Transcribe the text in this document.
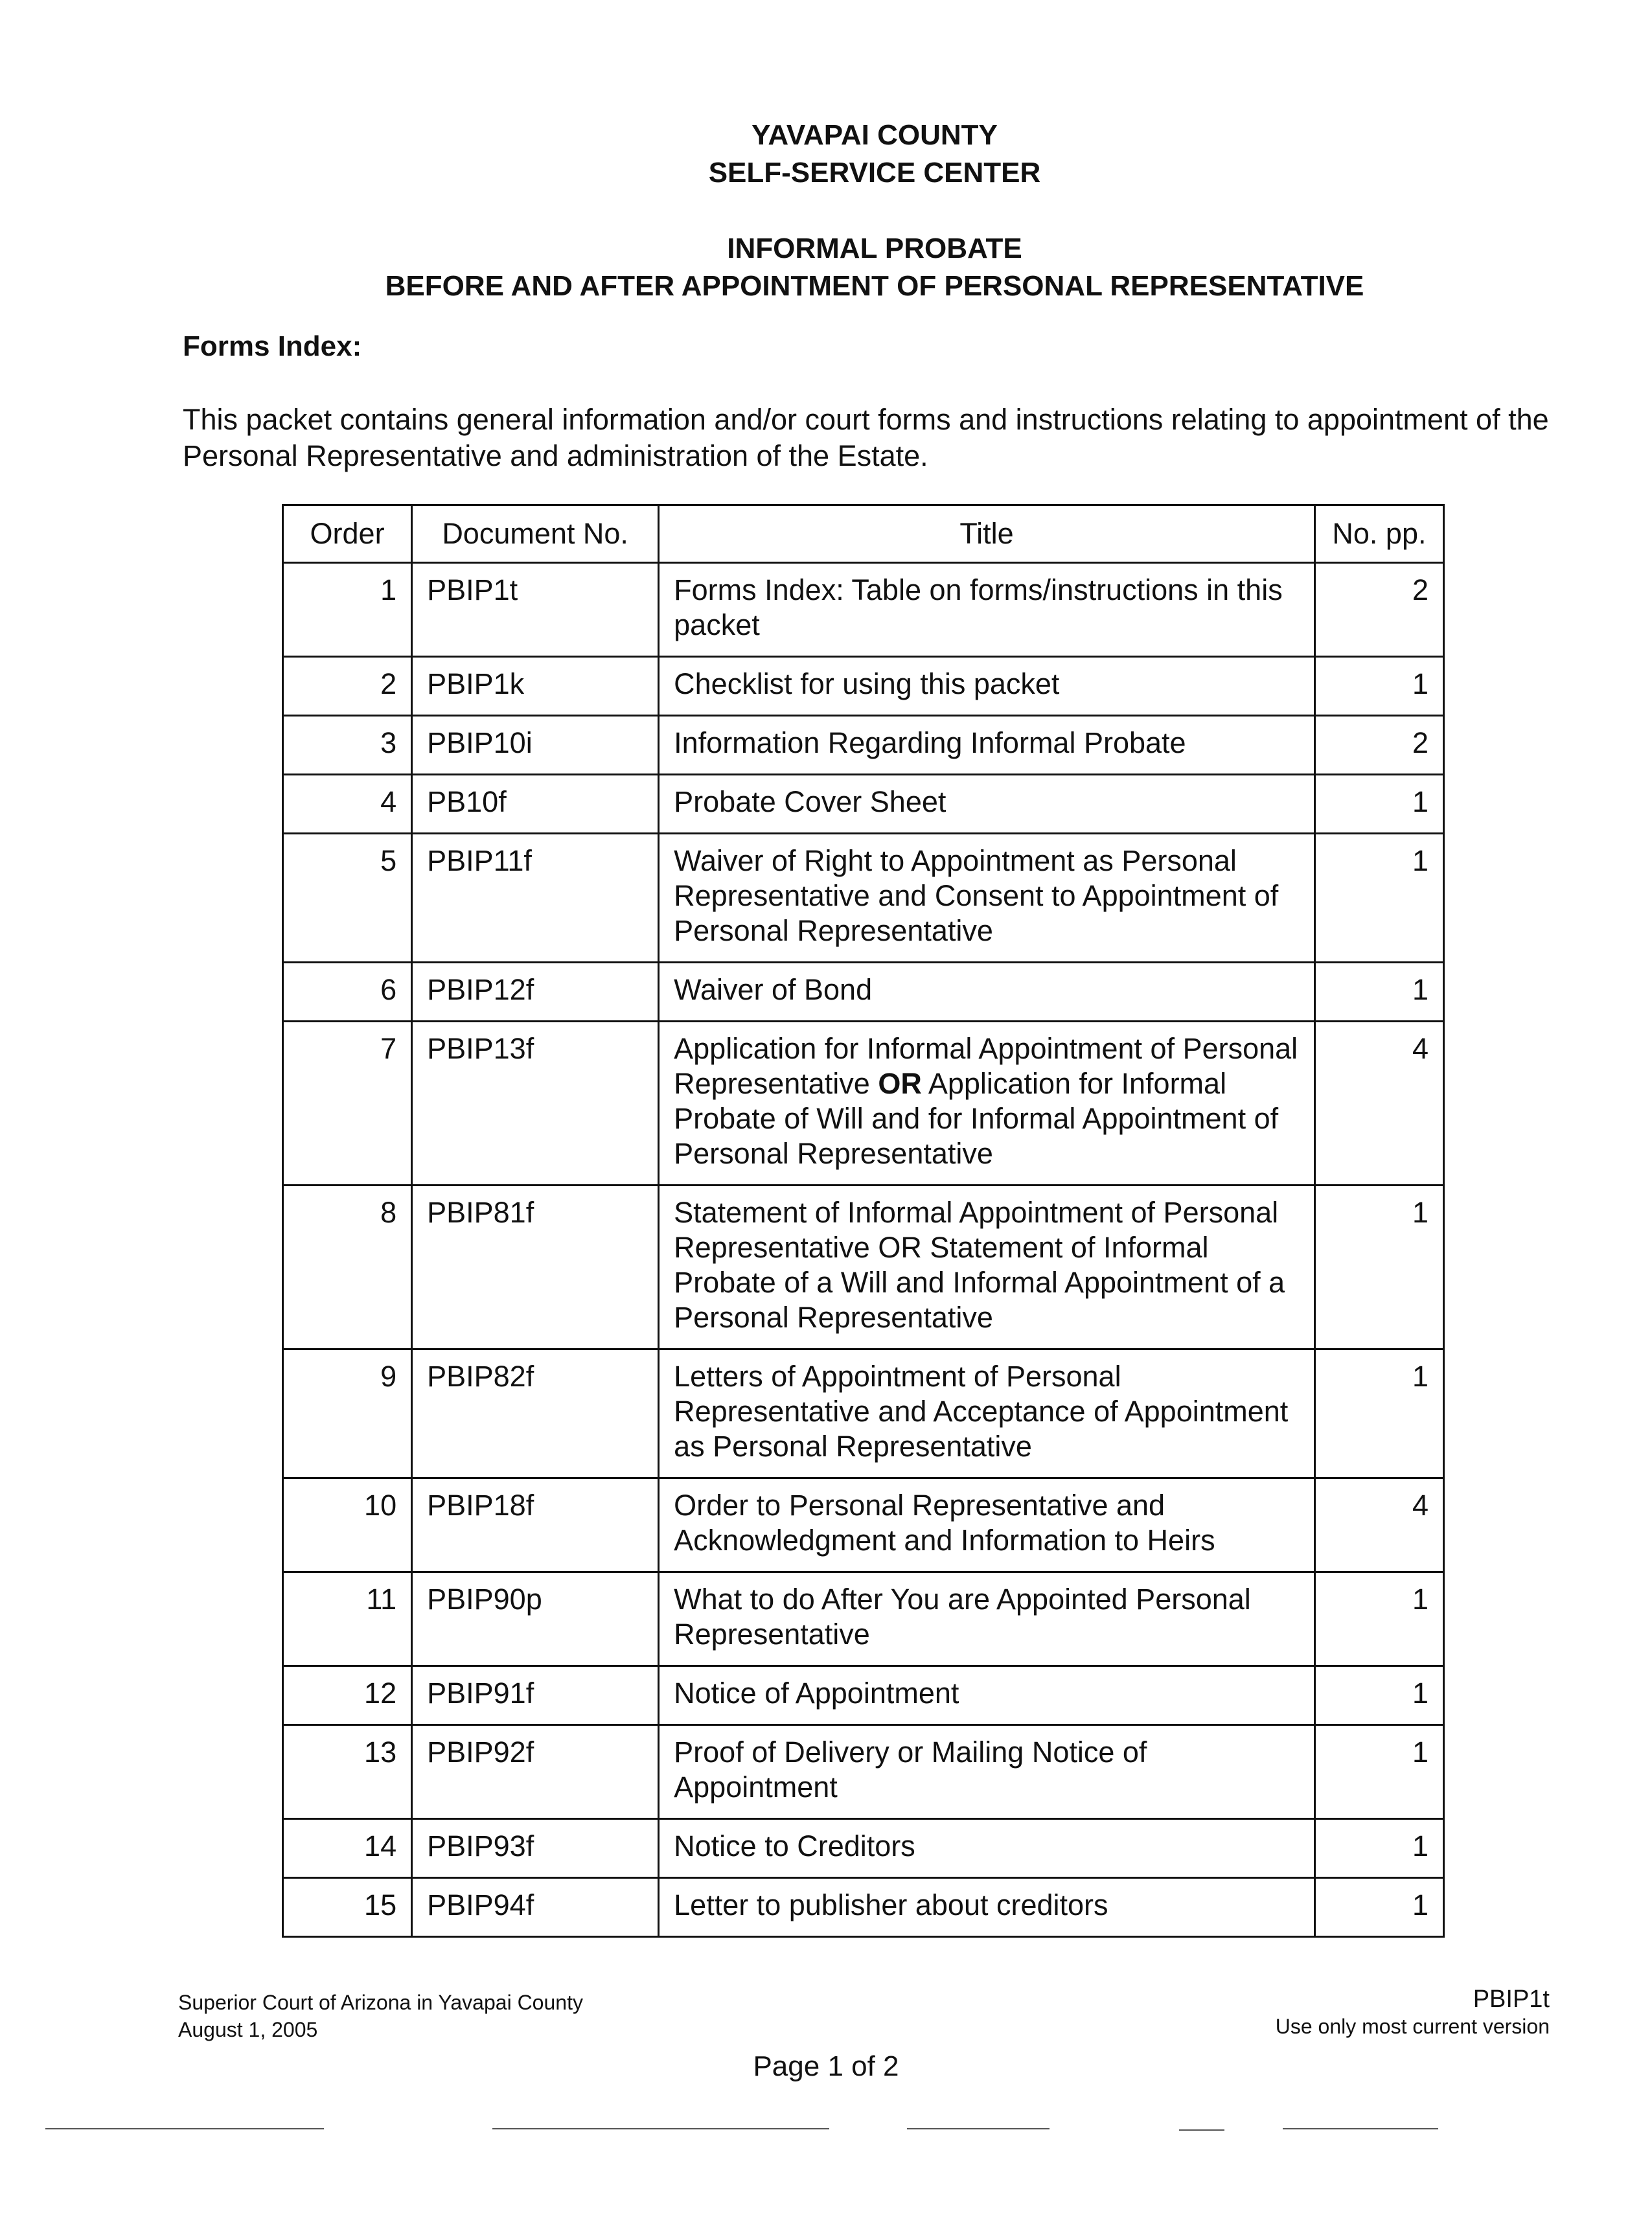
YAVAPAI COUNTY
SELF-SERVICE CENTER
INFORMAL PROBATE
BEFORE AND AFTER APPOINTMENT OF PERSONAL REPRESENTATIVE
Forms Index:
This packet contains general information and/or court forms and instructions relating to appointment of the Personal Representative and administration of the Estate.
Order	Document No.	Title	No. pp.
1	PBIP1t	Forms Index: Table on forms/instructions in this packet	2
2	PBIP1k	Checklist for using this packet	1
3	PBIP10i	Information Regarding Informal Probate	2
4	PB10f	Probate Cover Sheet	1
5	PBIP11f	Waiver of Right to Appointment as Personal Representative and Consent to Appointment of Personal Representative	1
6	PBIP12f	Waiver of Bond	1
7	PBIP13f	Application for Informal Appointment of Personal Representative OR Application for Informal Probate of Will and for Informal Appointment of Personal Representative	4
8	PBIP81f	Statement of Informal Appointment of Personal Representative OR Statement of Informal Probate of a Will and Informal Appointment of a Personal Representative	1
9	PBIP82f	Letters of Appointment of Personal Representative and Acceptance of Appointment as Personal Representative	1
10	PBIP18f	Order to Personal Representative and Acknowledgment and Information to Heirs	4
11	PBIP90p	What to do After You are Appointed Personal Representative	1
12	PBIP91f	Notice of Appointment	1
13	PBIP92f	Proof of Delivery or Mailing Notice of Appointment	1
14	PBIP93f	Notice to Creditors	1
15	PBIP94f	Letter to publisher about creditors	1
Superior Court of Arizona in Yavapai County
August 1, 2005
PBIP1t
Use only most current version
Page 1 of 2
